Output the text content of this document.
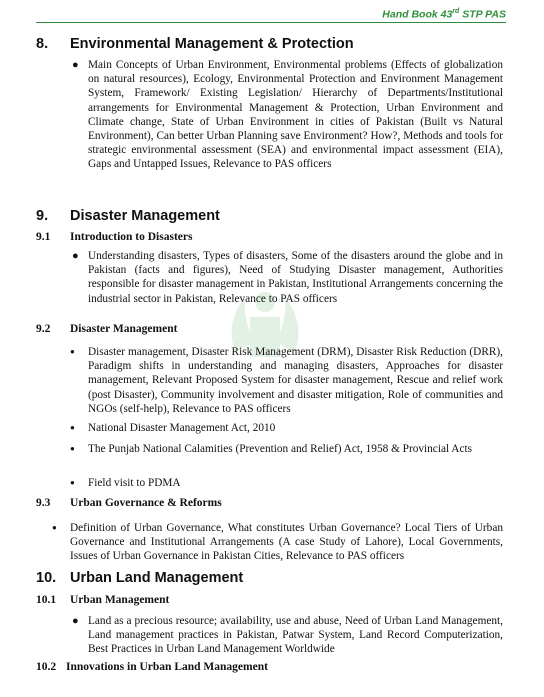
Hand Book 43rd STP PAS
8. Environmental Management & Protection
● Main Concepts of Urban Environment, Environmental problems (Effects of globalization on natural resources), Ecology, Environmental Protection and Environment Management System, Framework/ Existing Legislation/ Hierarchy of Departments/Institutional arrangements for Environmental Management & Protection, Urban Environment and Climate change, State of Urban Environment in cities of Pakistan (Built vs Natural Environment), Can better Urban Planning save Environment? How?, Methods and tools for strategic environmental assessment (SEA) and environmental impact assessment (EIA), Gaps and Untapped Issues, Relevance to PAS officers
9. Disaster Management
9.1 Introduction to Disasters
● Understanding disasters, Types of disasters, Some of the disasters around the globe and in Pakistan (facts and figures), Need of Studying Disaster management, Authorities responsible for disaster management in Pakistan, Institutional Arrangements concerning the industrial sector in Pakistan, Relevance to PAS officers
9.2 Disaster Management
● Disaster management, Disaster Risk Management (DRM), Disaster Risk Reduction (DRR), Paradigm shifts in understanding and managing disasters, Approaches for disaster management, Relevant Proposed System for disaster management, Rescue and relief work (post Disaster), Community involvement and disaster mitigation, Role of communities and NGOs (self-help), Relevance to PAS officers
● National Disaster Management Act, 2010
● The Punjab National Calamities (Prevention and Relief) Act, 1958 & Provincial Acts
● Field visit to PDMA
9.3 Urban Governance & Reforms
● Definition of Urban Governance, What constitutes Urban Governance? Local Tiers of Urban Governance and Institutional Arrangements (A case Study of Lahore), Local Governments, Issues of Urban Governance in Pakistan Cities, Relevance to PAS officers
10. Urban Land Management
10.1 Urban Management
● Land as a precious resource; availability, use and abuse, Need of Urban Land Management, Land management practices in Pakistan, Patwar System, Land Record Computerization, Best Practices in Urban Land Management Worldwide
10.2 Innovations in Urban Land Management
